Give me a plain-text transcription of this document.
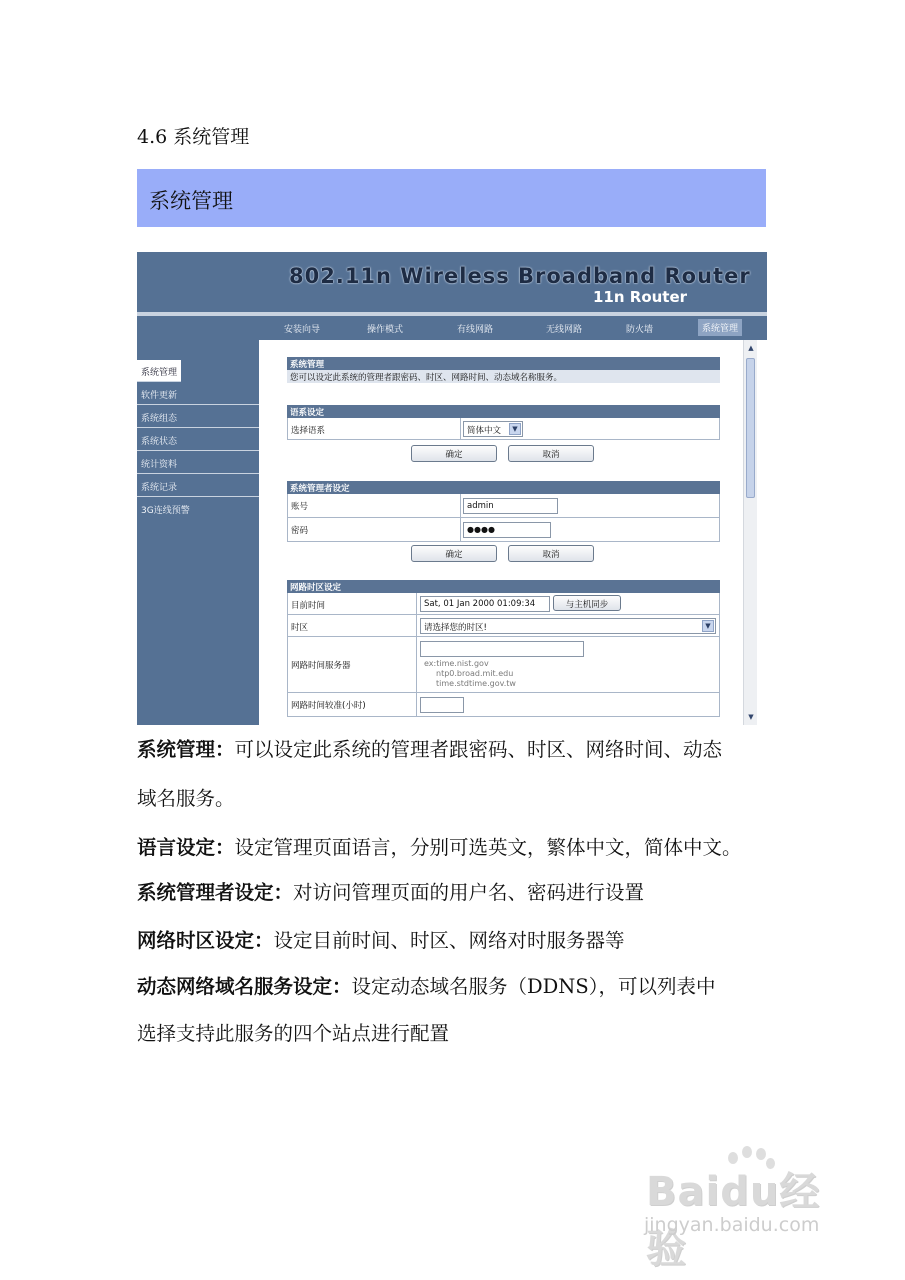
4.6 系统管理
系统管理
802.11n Wireless Broadband Router
11n Router
安装向导	操作模式	有线网路	无线网路	防火墙	系统管理
系统管理
软件更新
系统组态
系统状态
统计资料
系统记录
3G连线预警
系统管理
您可以设定此系统的管理者跟密码、时区、网路时间、动态域名称服务。
语系设定
选择语系	简体中文	▼
确定	取消
系统管理者设定
账号	admin
密码	●●●●
确定	取消
网路时区设定
目前时间	Sat, 01 Jan 2000 01:09:34	与主机同步
时区	请选择您的时区!	▼
网路时间服务器	ex:time.nist.gov
ntp0.broad.mit.edu
time.stdtime.gov.tw
网路时间较准(小时)
▲
▼
系统管理：可以设定此系统的管理者跟密码、时区、网络时间、动态
域名服务。
语言设定：设定管理页面语言，分别可选英文，繁体中文，简体中文。
系统管理者设定：对访问管理页面的用户名、密码进行设置
网络时区设定：设定目前时间、时区、网络对时服务器等
动态网络域名服务设定：设定动态域名服务（DDNS），可以列表中
选择支持此服务的四个站点进行配置
Baidu经验
jingyan.baidu.com
